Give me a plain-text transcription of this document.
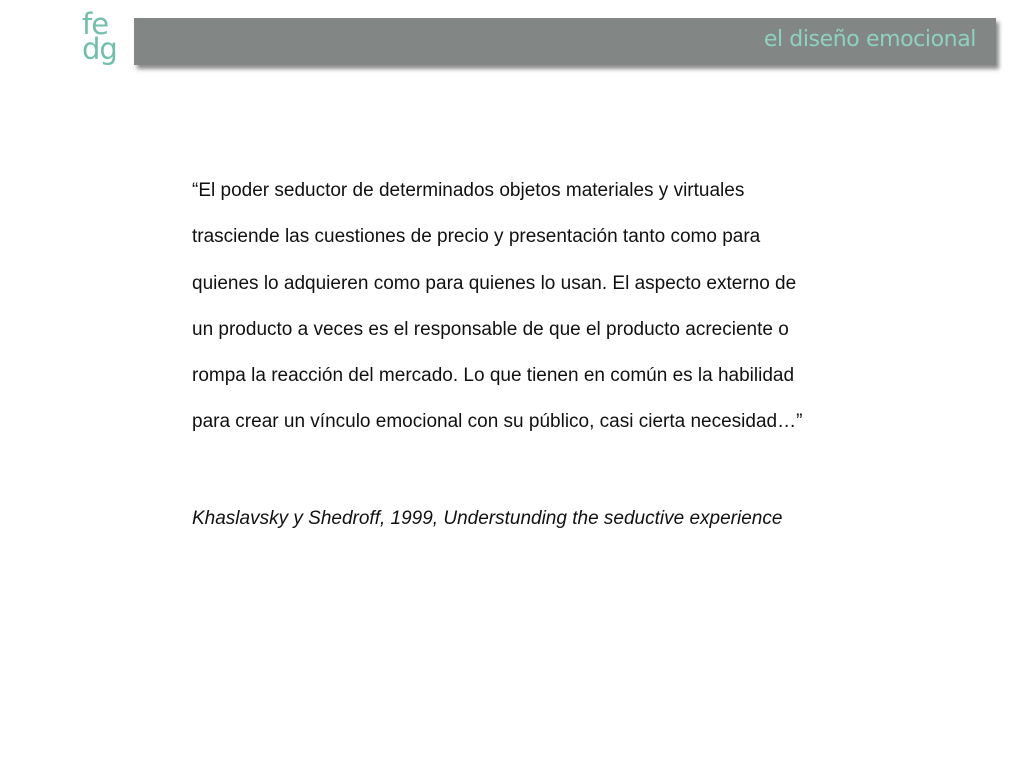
fe
dg	el diseño emocional
“El poder seductor de determinados objetos materiales y virtuales
trasciende las cuestiones de precio y presentación tanto como para
quienes lo adquieren como para quienes lo usan. El aspecto externo de
un producto a veces es el responsable de que el producto acreciente o
rompa la reacción del mercado. Lo que tienen en común es la habilidad
para crear un vínculo emocional con su público, casi cierta necesidad…”
Khaslavsky y Shedroff, 1999, Understunding the seductive experience
